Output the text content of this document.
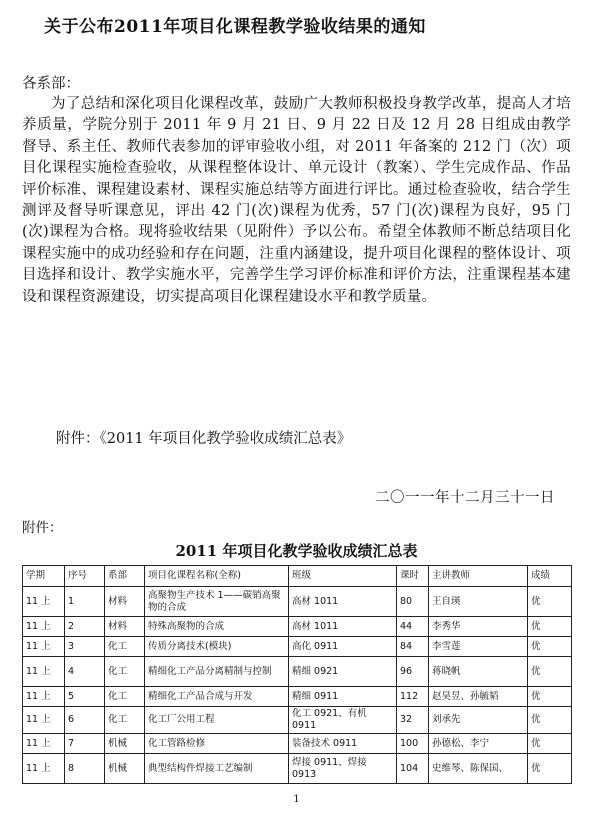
关于公布2011年项目化课程教学验收结果的通知

各系部：

为了总结和深化项目化课程改革，鼓励广大教师积极投身教学改革，提高人才培养质量，学院分别于 2011 年 9 月 21 日、9 月 22 日及 12 月 28 日组成由教学督导、系主任、教师代表参加的评审验收小组，对 2011 年备案的 212 门（次）项目化课程实施检查验收，从课程整体设计、单元设计（教案）、学生完成作品、作品评价标准、课程建设素材、课程实施总结等方面进行评比。通过检查验收，结合学生测评及督导听课意见，评出 42 门(次)课程为优秀，57 门(次)课程为良好，95 门(次)课程为合格。现将验收结果（见附件）予以公布。希望全体教师不断总结项目化课程实施中的成功经验和存在问题，注重内涵建设，提升项目化课程的整体设计、项目选择和设计、教学实施水平，完善学生学习评价标准和评价方法，注重课程基本建设和课程资源建设，切实提高项目化课程建设水平和教学质量。

附件：《2011 年项目化教学验收成绩汇总表》

二〇一一年十二月三十一日

附件：

2011 年项目化教学验收成绩汇总表
学期	序号	系部	项目化课程名称(全称)	班级	课时	主讲教师	成绩
11 上	1	材料	高聚物生产技术 1——碳销高聚物的合成	高材 1011	80	王自瑛	优
11 上	2	材料	特殊高聚物的合成	高材 1011	44	李秀华	优
11 上	3	化工	传质分离技术(模块)	高化 0911	84	李雪莲	优
11 上	4	化工	精细化工产品分离精制与控制	精细 0921	96	蒋晓帆	优
11 上	5	化工	精细化工产品合成与开发	精细 0911	112	赵昊昱、孙毓韬	优
11 上	6	化工	化工厂公用工程	化工 0921、有机 0911	32	刘承先	优
11 上	7	机械	化工管路检修	装备技术 0911	100	孙德松、李宁	优
11 上	8	机械	典型结构件焊接工艺编制	焊接 0911、焊接 0913	104	史维琴、陈保国、	优

1
